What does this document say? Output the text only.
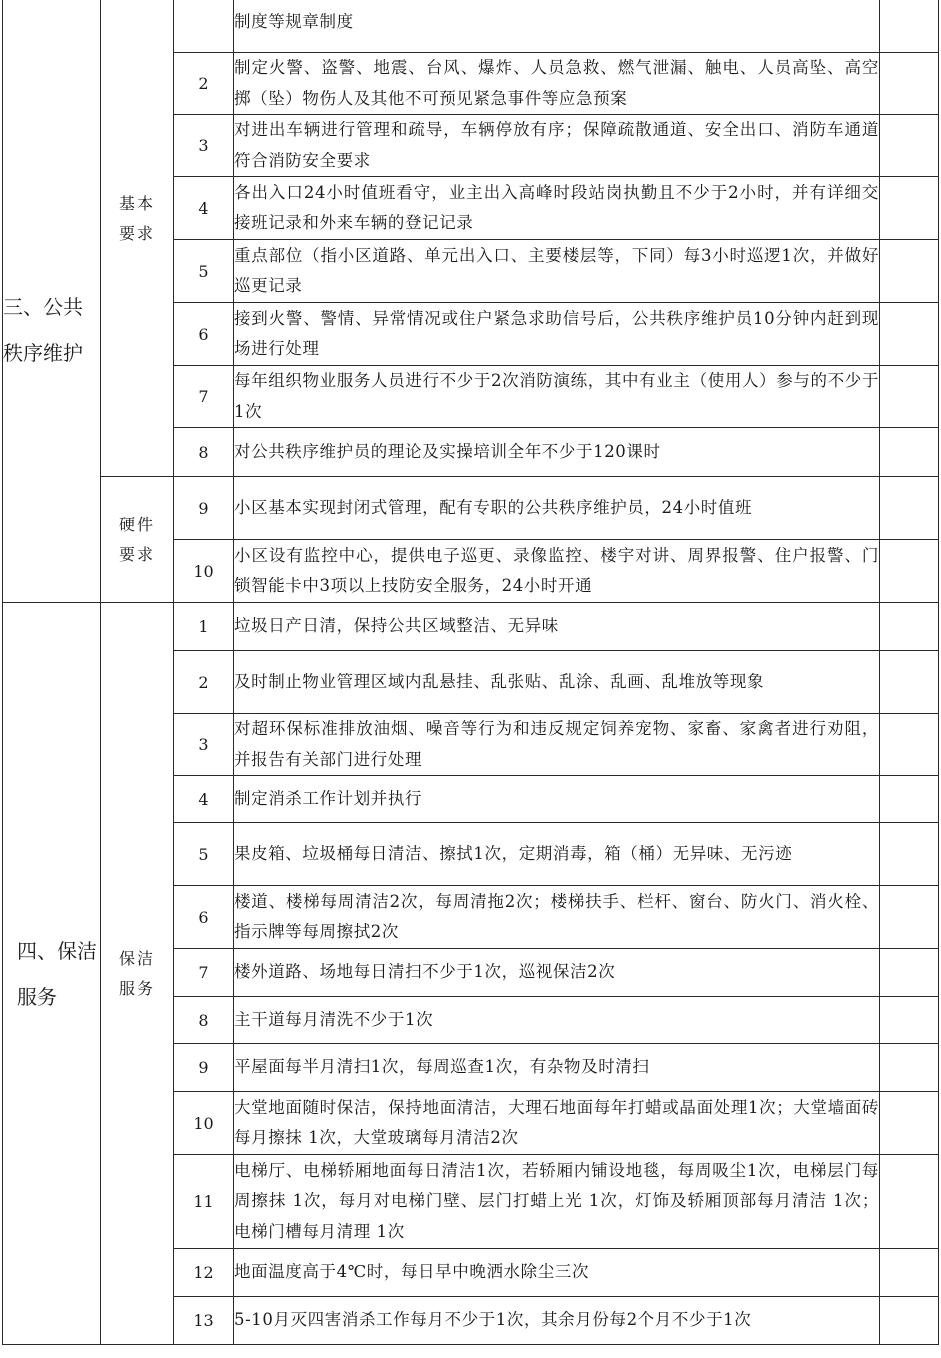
三、公共秩序维护			制度等规章制度	

		2	制定火警、盗警、地震、台风、爆炸、人员急救、燃气泄漏、触电、人员高坠、高空掷（坠）物伤人及其他不可预见紧急事件等应急预案	

		3	对进出车辆进行管理和疏导，车辆停放有序；保障疏散通道、安全出口、消防车通道符合消防安全要求	

	基本要求	4	各出入口24小时值班看守，业主出入高峰时段站岗执勤且不少于2小时，并有详细交接班记录和外来车辆的登记记录	

		5	重点部位（指小区道路、单元出入口、主要楼层等，下同）每3小时巡逻1次，并做好巡更记录	

		6	接到火警、警情、异常情况或住户紧急求助信号后，公共秩序维护员10分钟内赶到现场进行处理	

		7	每年组织物业服务人员进行不少于2次消防演练，其中有业主（使用人）参与的不少于1次	

		8	对公共秩序维护员的理论及实操培训全年不少于120课时	

	硬件要求	9	小区基本实现封闭式管理，配有专职的公共秩序维护员，24小时值班	

		10	小区设有监控中心，提供电子巡更、录像监控、楼宇对讲、周界报警、住户报警、门锁智能卡中3项以上技防安全服务，24小时开通	

四、保洁服务	保洁服务	1	垃圾日产日清，保持公共区域整洁、无异味	

		2	及时制止物业管理区域内乱悬挂、乱张贴、乱涂、乱画、乱堆放等现象	

		3	对超环保标准排放油烟、噪音等行为和违反规定饲养宠物、家畜、家禽者进行劝阻，并报告有关部门进行处理	

		4	制定消杀工作计划并执行	

		5	果皮箱、垃圾桶每日清洁、擦拭1次，定期消毒，箱（桶）无异味、无污迹	

		6	楼道、楼梯每周清洁2次，每周清拖2次；楼梯扶手、栏杆、窗台、防火门、消火栓、指示牌等每周擦拭2次	

		7	楼外道路、场地每日清扫不少于1次，巡视保洁2次	

		8	主干道每月清洗不少于1次	

		9	平屋面每半月清扫1次，每周巡查1次，有杂物及时清扫	

		10	大堂地面随时保洁，保持地面清洁，大理石地面每年打蜡或晶面处理1次；大堂墙面砖每月擦抹 1次，大堂玻璃每月清洁2次	

		11	电梯厅、电梯轿厢地面每日清洁1次，若轿厢内铺设地毯，每周吸尘1次，电梯层门每周擦抹 1次，每月对电梯门壁、层门打蜡上光 1次，灯饰及轿厢顶部每月清洁 1次；电梯门槽每月清理 1次	

		12	地面温度高于4℃时，每日早中晚洒水除尘三次	

		13	5-10月灭四害消杀工作每月不少于1次，其余月份每2个月不少于1次	
